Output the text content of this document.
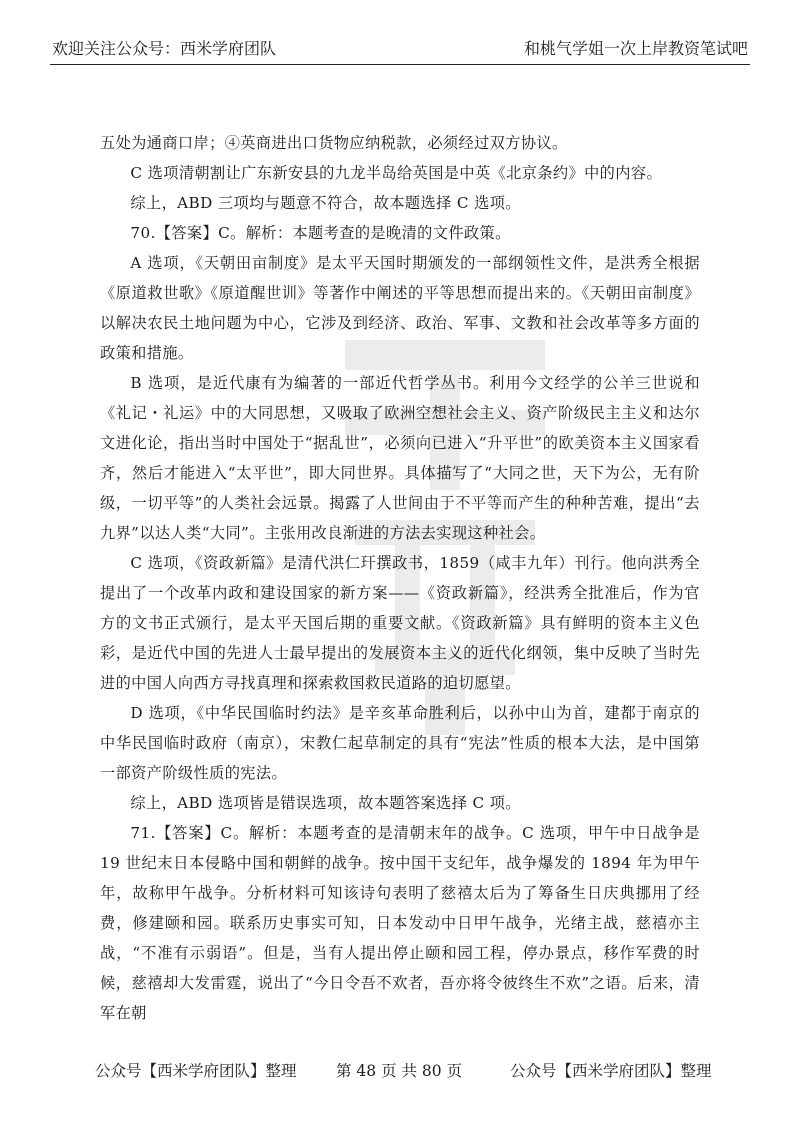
欢迎关注公众号：西米学府团队	和桃气学姐一次上岸教资笔试吧

五处为通商口岸；④英商进出口货物应纳税款，必须经过双方协议。

C 选项清朝割让广东新安县的九龙半岛给英国是中英《北京条约》中的内容。

综上，ABD 三项均与题意不符合，故本题选择 C 选项。

70.【答案】C。解析：本题考查的是晚清的文件政策。

A 选项，《天朝田亩制度》是太平天国时期颁发的一部纲领性文件，是洪秀全根据《原道救世歌》《原道醒世训》等著作中阐述的平等思想而提出来的。《天朝田亩制度》以解决农民土地问题为中心，它涉及到经济、政治、军事、文教和社会改革等多方面的政策和措施。

B 选项，是近代康有为编著的一部近代哲学丛书。利用今文经学的公羊三世说和《礼记・礼运》中的大同思想，又吸取了欧洲空想社会主义、资产阶级民主主义和达尔文进化论，指出当时中国处于“据乱世”，必须向已进入“升平世”的欧美资本主义国家看齐，然后才能进入“太平世”，即大同世界。具体描写了“大同之世，天下为公，无有阶级，一切平等”的人类社会远景。揭露了人世间由于不平等而产生的种种苦难，提出“去九界”以达人类“大同”。主张用改良渐进的方法去实现这种社会。

C 选项，《资政新篇》是清代洪仁玕撰政书，1859（咸丰九年）刊行。他向洪秀全提出了一个改革内政和建设国家的新方案——《资政新篇》，经洪秀全批准后，作为官方的文书正式颁行，是太平天国后期的重要文献。《资政新篇》具有鲜明的资本主义色彩，是近代中国的先进人士最早提出的发展资本主义的近代化纲领，集中反映了当时先进的中国人向西方寻找真理和探索救国救民道路的迫切愿望。

D 选项，《中华民国临时约法》是辛亥革命胜利后，以孙中山为首，建都于南京的中华民国临时政府（南京），宋教仁起草制定的具有“宪法”性质的根本大法，是中国第一部资产阶级性质的宪法。

综上，ABD 选项皆是错误选项，故本题答案选择 C 项。

71.【答案】C。解析：本题考查的是清朝末年的战争。C 选项，甲午中日战争是 19 世纪末日本侵略中国和朝鲜的战争。按中国干支纪年，战争爆发的 1894 年为甲午年，故称甲午战争。分析材料可知该诗句表明了慈禧太后为了筹备生日庆典挪用了经费，修建颐和园。联系历史事实可知，日本发动中日甲午战争，光绪主战，慈禧亦主战，“不准有示弱语”。但是，当有人提出停止颐和园工程，停办景点，移作军费的时候，慈禧却大发雷霆，说出了“今日令吾不欢者，吾亦将令彼终生不欢”之语。后来，清军在朝

公众号【西米学府团队】整理	第 48 页 共 80 页	公众号【西米学府团队】整理
